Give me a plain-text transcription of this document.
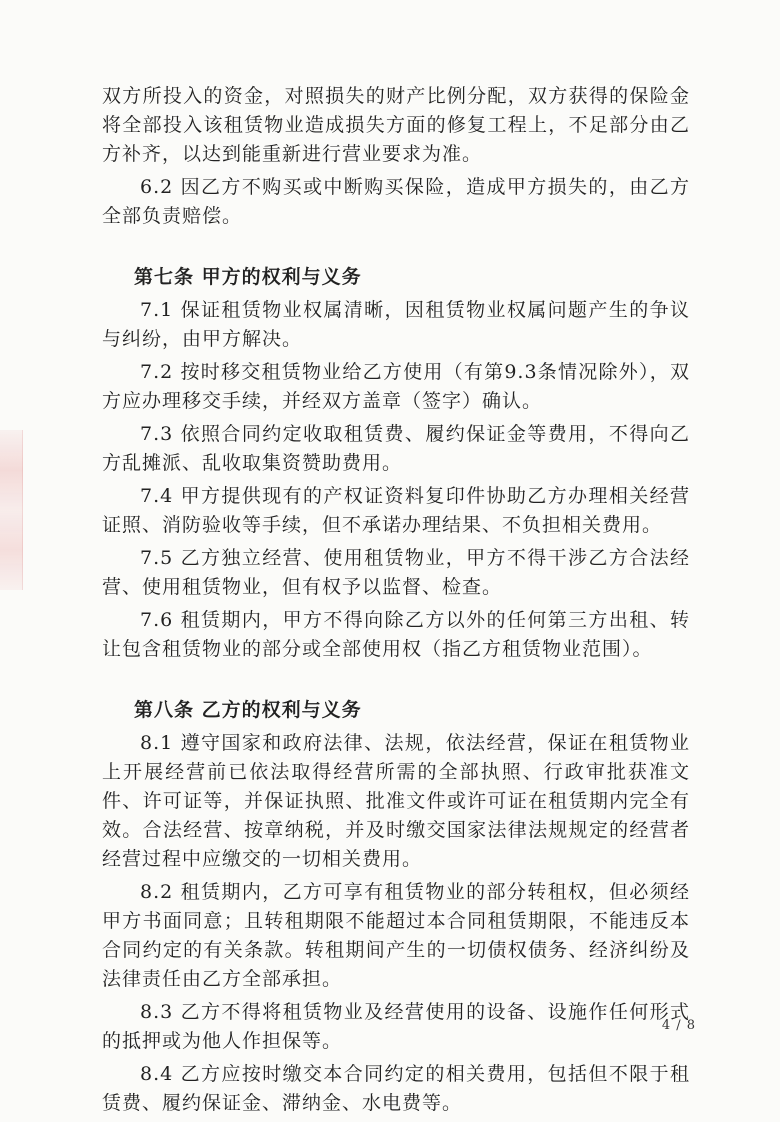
双方所投入的资金，对照损失的财产比例分配，双方获得的保险金将全部投入该租赁物业造成损失方面的修复工程上，不足部分由乙方补齐，以达到能重新进行营业要求为准。

6.2 因乙方不购买或中断购买保险，造成甲方损失的，由乙方全部负责赔偿。

第七条 甲方的权利与义务

7.1 保证租赁物业权属清晰，因租赁物业权属问题产生的争议与纠纷，由甲方解决。

7.2 按时移交租赁物业给乙方使用（有第9.3条情况除外），双方应办理移交手续，并经双方盖章（签字）确认。

7.3 依照合同约定收取租赁费、履约保证金等费用，不得向乙方乱摊派、乱收取集资赞助费用。

7.4 甲方提供现有的产权证资料复印件协助乙方办理相关经营证照、消防验收等手续，但不承诺办理结果、不负担相关费用。

7.5 乙方独立经营、使用租赁物业，甲方不得干涉乙方合法经营、使用租赁物业，但有权予以监督、检查。

7.6 租赁期内，甲方不得向除乙方以外的任何第三方出租、转让包含租赁物业的部分或全部使用权（指乙方租赁物业范围）。

第八条 乙方的权利与义务

8.1 遵守国家和政府法律、法规，依法经营，保证在租赁物业上开展经营前已依法取得经营所需的全部执照、行政审批获准文件、许可证等，并保证执照、批准文件或许可证在租赁期内完全有效。合法经营、按章纳税，并及时缴交国家法律法规规定的经营者经营过程中应缴交的一切相关费用。

8.2 租赁期内，乙方可享有租赁物业的部分转租权，但必须经甲方书面同意；且转租期限不能超过本合同租赁期限，不能违反本合同约定的有关条款。转租期间产生的一切债权债务、经济纠纷及法律责任由乙方全部承担。

8.3 乙方不得将租赁物业及经营使用的设备、设施作任何形式的抵押或为他人作担保等。

8.4 乙方应按时缴交本合同约定的相关费用，包括但不限于租赁费、履约保证金、滞纳金、水电费等。

4 / 8
